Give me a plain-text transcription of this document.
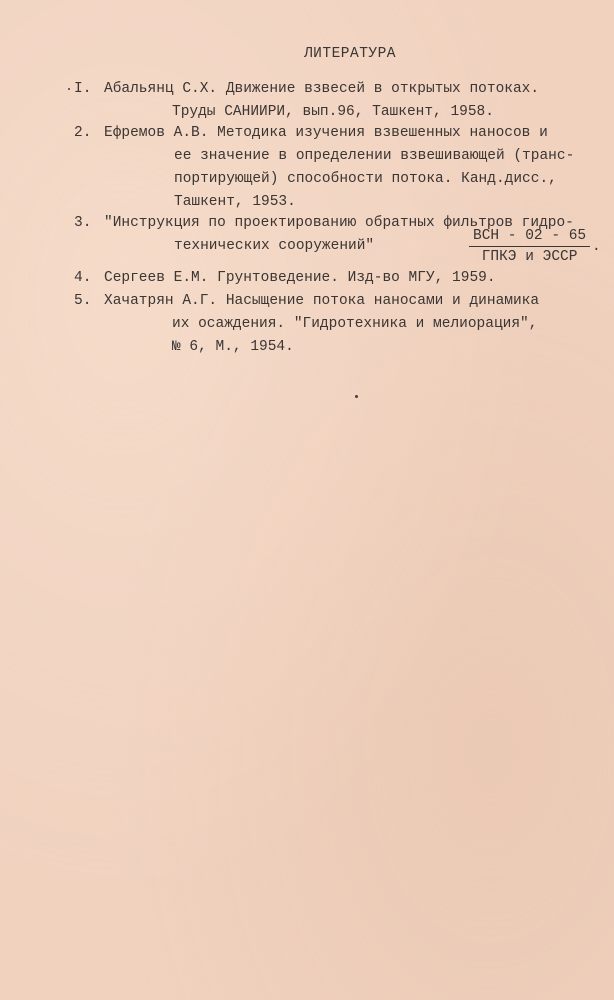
ЛИТЕРАТУРА
I. Абальянц С.Х. Движение взвесей в открытых потоках.
Труды САНИИРИ, вып.96, Ташкент, 1958.
2. Ефремов А.В. Методика изучения взвешенных наносов и
ее значение в определении взвешивающей (транс-
портирующей) способности потока. Канд.дисс.,
Ташкент, 1953.
3. "Инструкция по проектированию обратных фильтров гидро-
технических сооружений"
ВСН - 02 - 65
ГПКЭ и ЭССР
.
4. Сергеев Е.М. Грунтоведение. Изд-во МГУ, 1959.
5. Хачатрян А.Г. Насыщение потока наносами и динамика
их осаждения. "Гидротехника и мелиорация",
№ 6, М., 1954.
